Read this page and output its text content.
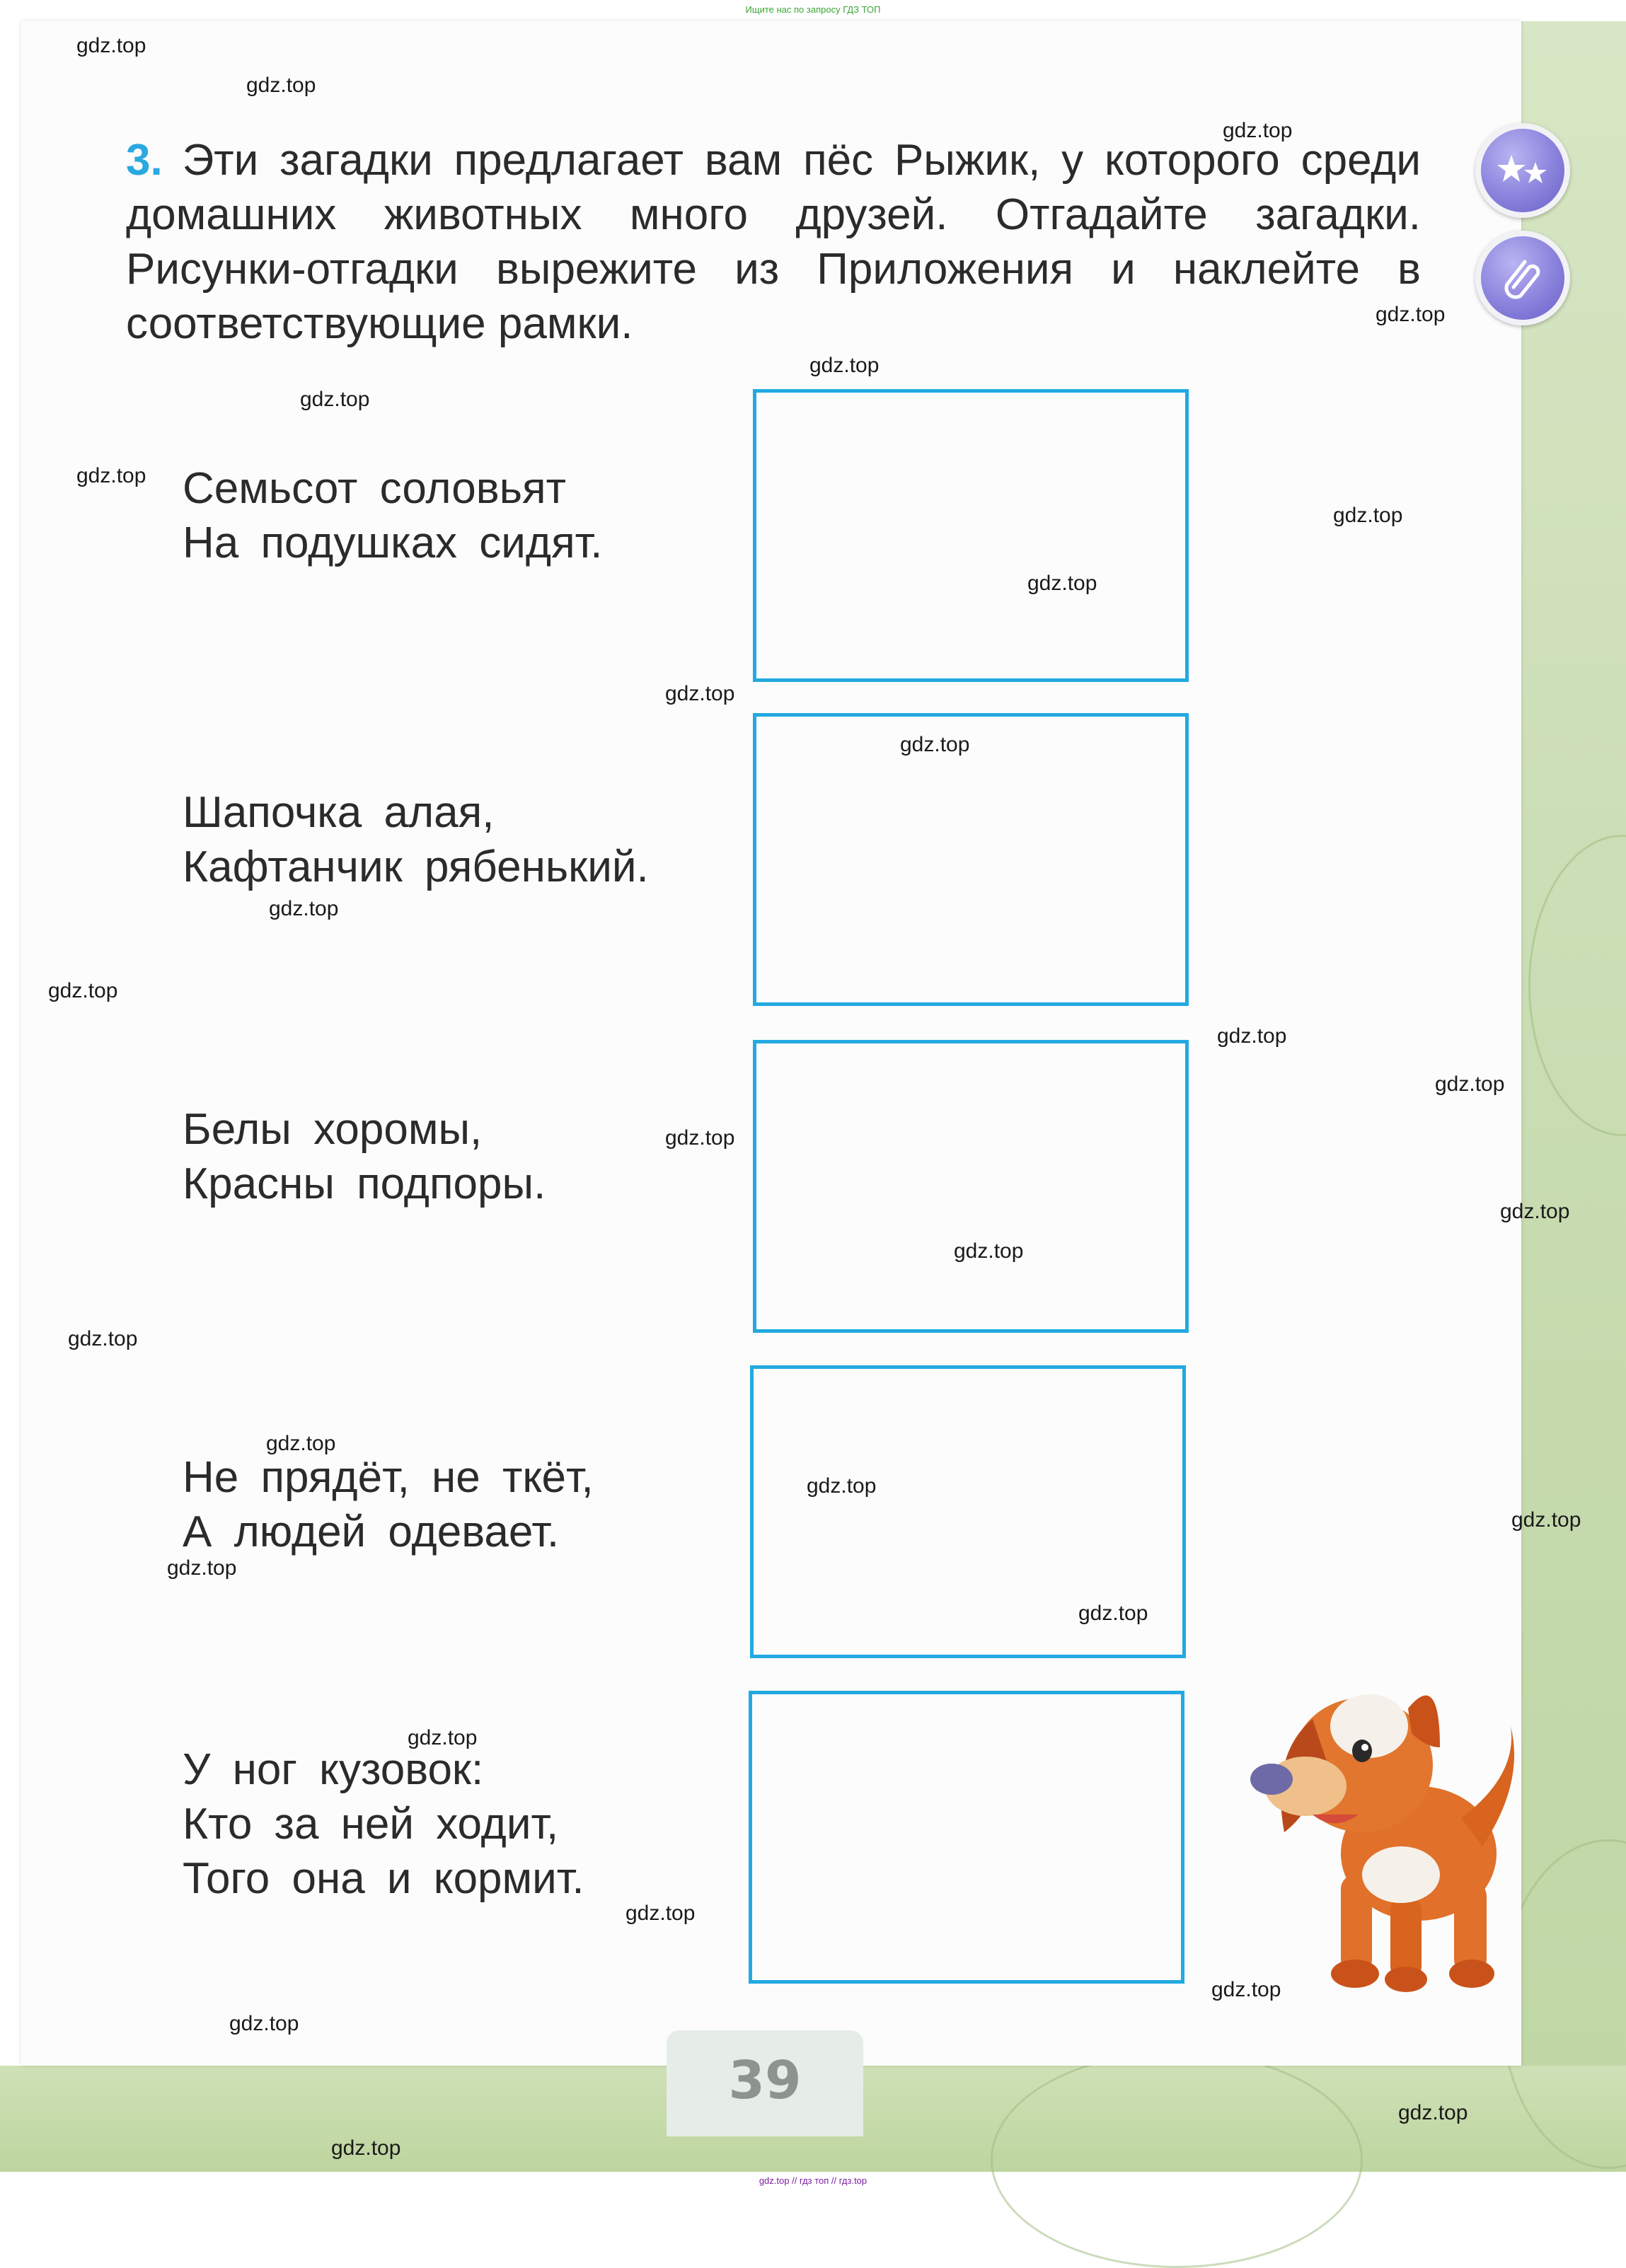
Ищите нас по запросу ГДЗ ТОП
3. Эти загадки предлагает вам пёс Рыжик, у которого среди домашних животных много друзей. Отгадайте загадки. Рисунки-отгадки вырежите из Приложения и наклейте в соответствующие рамки.
Семьсот соловьят
На подушках сидят.
Шапочка алая,
Кафтанчик рябенький.
Белы хоромы,
Красны подпоры.
Не прядёт, не ткёт,
А людей одевает.
У ног кузовок:
Кто за ней ходит,
Того она и кормит.
39
gdz.top
gdz.top
gdz.top
gdz.top
gdz.top
gdz.top
gdz.top
gdz.top
gdz.top
gdz.top
gdz.top
gdz.top
gdz.top
gdz.top
gdz.top
gdz.top
gdz.top
gdz.top
gdz.top
gdz.top
gdz.top
gdz.top
gdz.top
gdz.top
gdz.top
gdz.top
gdz.top
gdz.top
gdz.top
gdz.top
gdz.top // гдз топ // гдз.top
